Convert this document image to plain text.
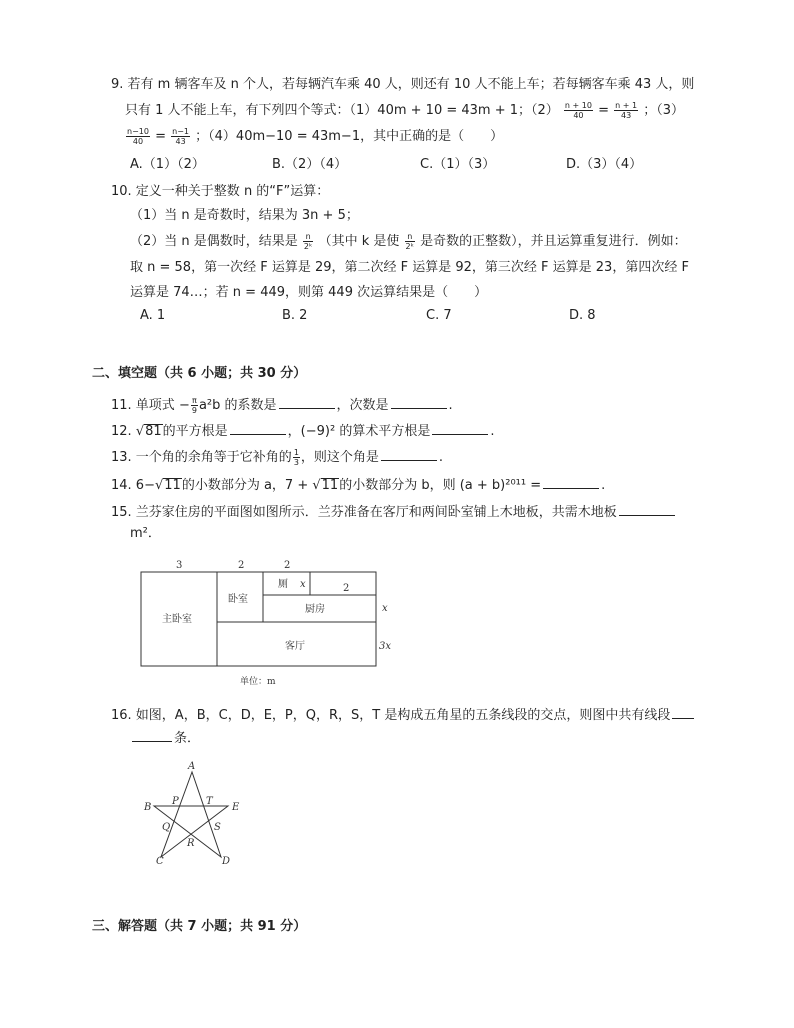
9. 若有 m 辆客车及 n 个人，若每辆汽车乘 40 人，则还有 10 人不能上车；若每辆客车乘 43 人，则
只有 1 人不能上车，有下列四个等式：（1）40m + 10 = 43m + 1；$(2) \frac{n + 10}{40} = \frac{n + 1}{43}$ ；（3）
$\frac{n-10}{40} = \frac{n-1}{43}$ ；（4）40m−10 = 43m−1，其中正确的是（　　）
A.（1）（2）	B.（2）（4）	C.（1）（3）	D.（3）（4）
10. 定义一种关于整数 n 的“F”运算：
（1）当 n 是奇数时，结果为 3n + 5；
（2）当 n 是偶数时，结果是 $\frac{n}{\text{2ᵏ}}$ （其中 k 是使 $\frac{n}{\text{2ᵏ}}$ 是奇数的正整数），并且运算重复进行．例如：
取 n = 58，第一次经 F 运算是 29，第二次经 F 运算是 92，第三次经 F 运算是 23，第四次经 F
运算是 74…；若 n = 449，则第 449 次运算结果是（　　）
A. 1	B. 2	C. 7	D. 8
二、填空题（共 6 小题；共 30 分）
11. 单项式 − $\frac{\pi}{9} a^2b$ 的系数是	，次数是	.
12. √81的平方根是	，(−9)² 的算术平方根是	.
13. 一个角的余角等于它补角的 $\frac{1}{3}$ ，则这个角是	.
14. 6−√11的小数部分为 a，7 + √11的小数部分为 b，则 (a + b)²⁰¹¹ =	.
15. 兰芬家住房的平面图如图所示．兰芬准备在客厅和两间卧室铺上木地板，共需木地板
m²．
3	2	2
2
主卧室
卧室
厕 x
厨房	x
客厅	3x
单位：m
16. 如图，A，B，C，D，E，P，Q，R，S，T 是构成五角星的五条线段的交点，则图中共有线段
条．
A
B
C	D
E
P	T
Q	S
R
三、解答题（共 7 小题；共 91 分）
